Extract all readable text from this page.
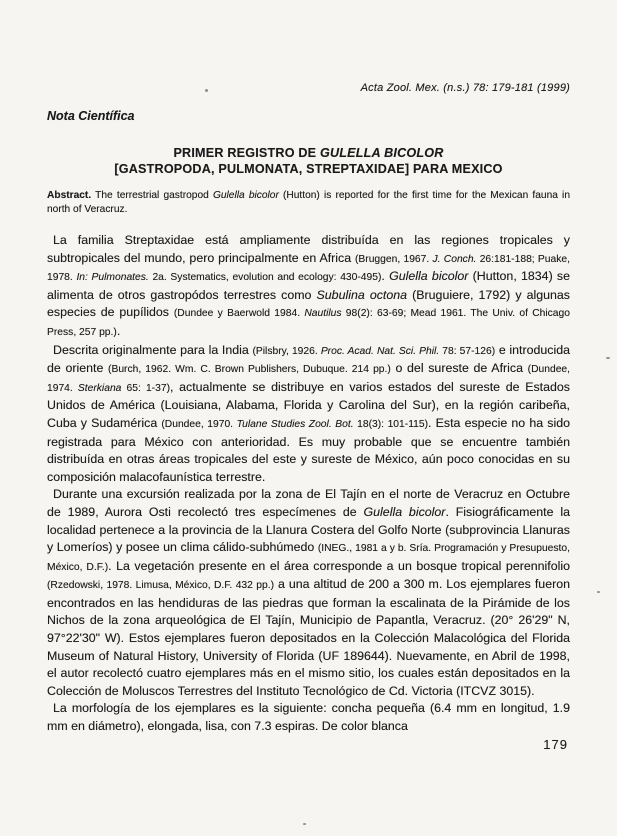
Acta Zool. Mex. (n.s.) 78: 179-181 (1999)
Nota Científica
PRIMER REGISTRO DE GULELLA BICOLOR
[GASTROPODA, PULMONATA, STREPTAXIDAE] PARA MEXICO
Abstract. The terrestrial gastropod Gulella bicolor (Hutton) is reported for the first time for the Mexican fauna in north of Veracruz.

La familia Streptaxidae está ampliamente distribuída en las regiones tropicales y subtropicales del mundo, pero principalmente en Africa (Bruggen, 1967. J. Conch. 26:181-188; Puake, 1978. In: Pulmonates. 2a. Systematics, evolution and ecology: 430-495). Gulella bicolor (Hutton, 1834) se alimenta de otros gastropódos terrestres como Subulina octona (Bruguiere, 1792) y algunas especies de pupílidos (Dundee y Baerwold 1984. Nautilus 98(2): 63-69; Mead 1961. The Univ. of Chicago Press, 257 pp.).

Descrita originalmente para la India (Pilsbry, 1926. Proc. Acad. Nat. Sci. Phil. 78: 57-126) e introducida de oriente (Burch, 1962. Wm. C. Brown Publishers, Dubuque. 214 pp.) o del sureste de Africa (Dundee, 1974. Sterkiana 65: 1-37), actualmente se distribuye en varios estados del sureste de Estados Unidos de América (Louisiana, Alabama, Florida y Carolina del Sur), en la región caribeña, Cuba y Sudamérica (Dundee, 1970. Tulane Studies Zool. Bot. 18(3): 101-115). Esta especie no ha sido registrada para México con anterioridad. Es muy probable que se encuentre también distribuída en otras áreas tropicales del este y sureste de México, aún poco conocidas en su composición malacofaunística terrestre.

Durante una excursión realizada por la zona de El Tajín en el norte de Veracruz en Octubre de 1989, Aurora Osti recolectó tres especímenes de Gulella bicolor. Fisiográficamente la localidad pertenece a la provincia de la Llanura Costera del Golfo Norte (subprovincia Llanuras y Lomeríos) y posee un clima cálido-subhúmedo (INEG., 1981 a y b. Sría. Programación y Presupuesto, México, D.F.). La vegetación presente en el área corresponde a un bosque tropical perennifolio (Rzedowski, 1978. Limusa, México, D.F. 432 pp.) a una altitud de 200 a 300 m. Los ejemplares fueron encontrados en las hendiduras de las piedras que forman la escalinata de la Pirámide de los Nichos de la zona arqueológica de El Tajín, Municipio de Papantla, Veracruz. (20° 26'29" N, 97°22'30" W). Estos ejemplares fueron depositados en la Colección Malacológica del Florida Museum of Natural History, University of Florida (UF 189644). Nuevamente, en Abril de 1998, el autor recolectó cuatro ejemplares más en el mismo sitio, los cuales están depositados en la Colección de Moluscos Terrestres del Instituto Tecnológico de Cd. Victoria (ITCVZ 3015).

La morfología de los ejemplares es la siguiente: concha pequeña (6.4 mm en longitud, 1.9 mm en diámetro), elongada, lisa, con 7.3 espiras. De color blanca

179
